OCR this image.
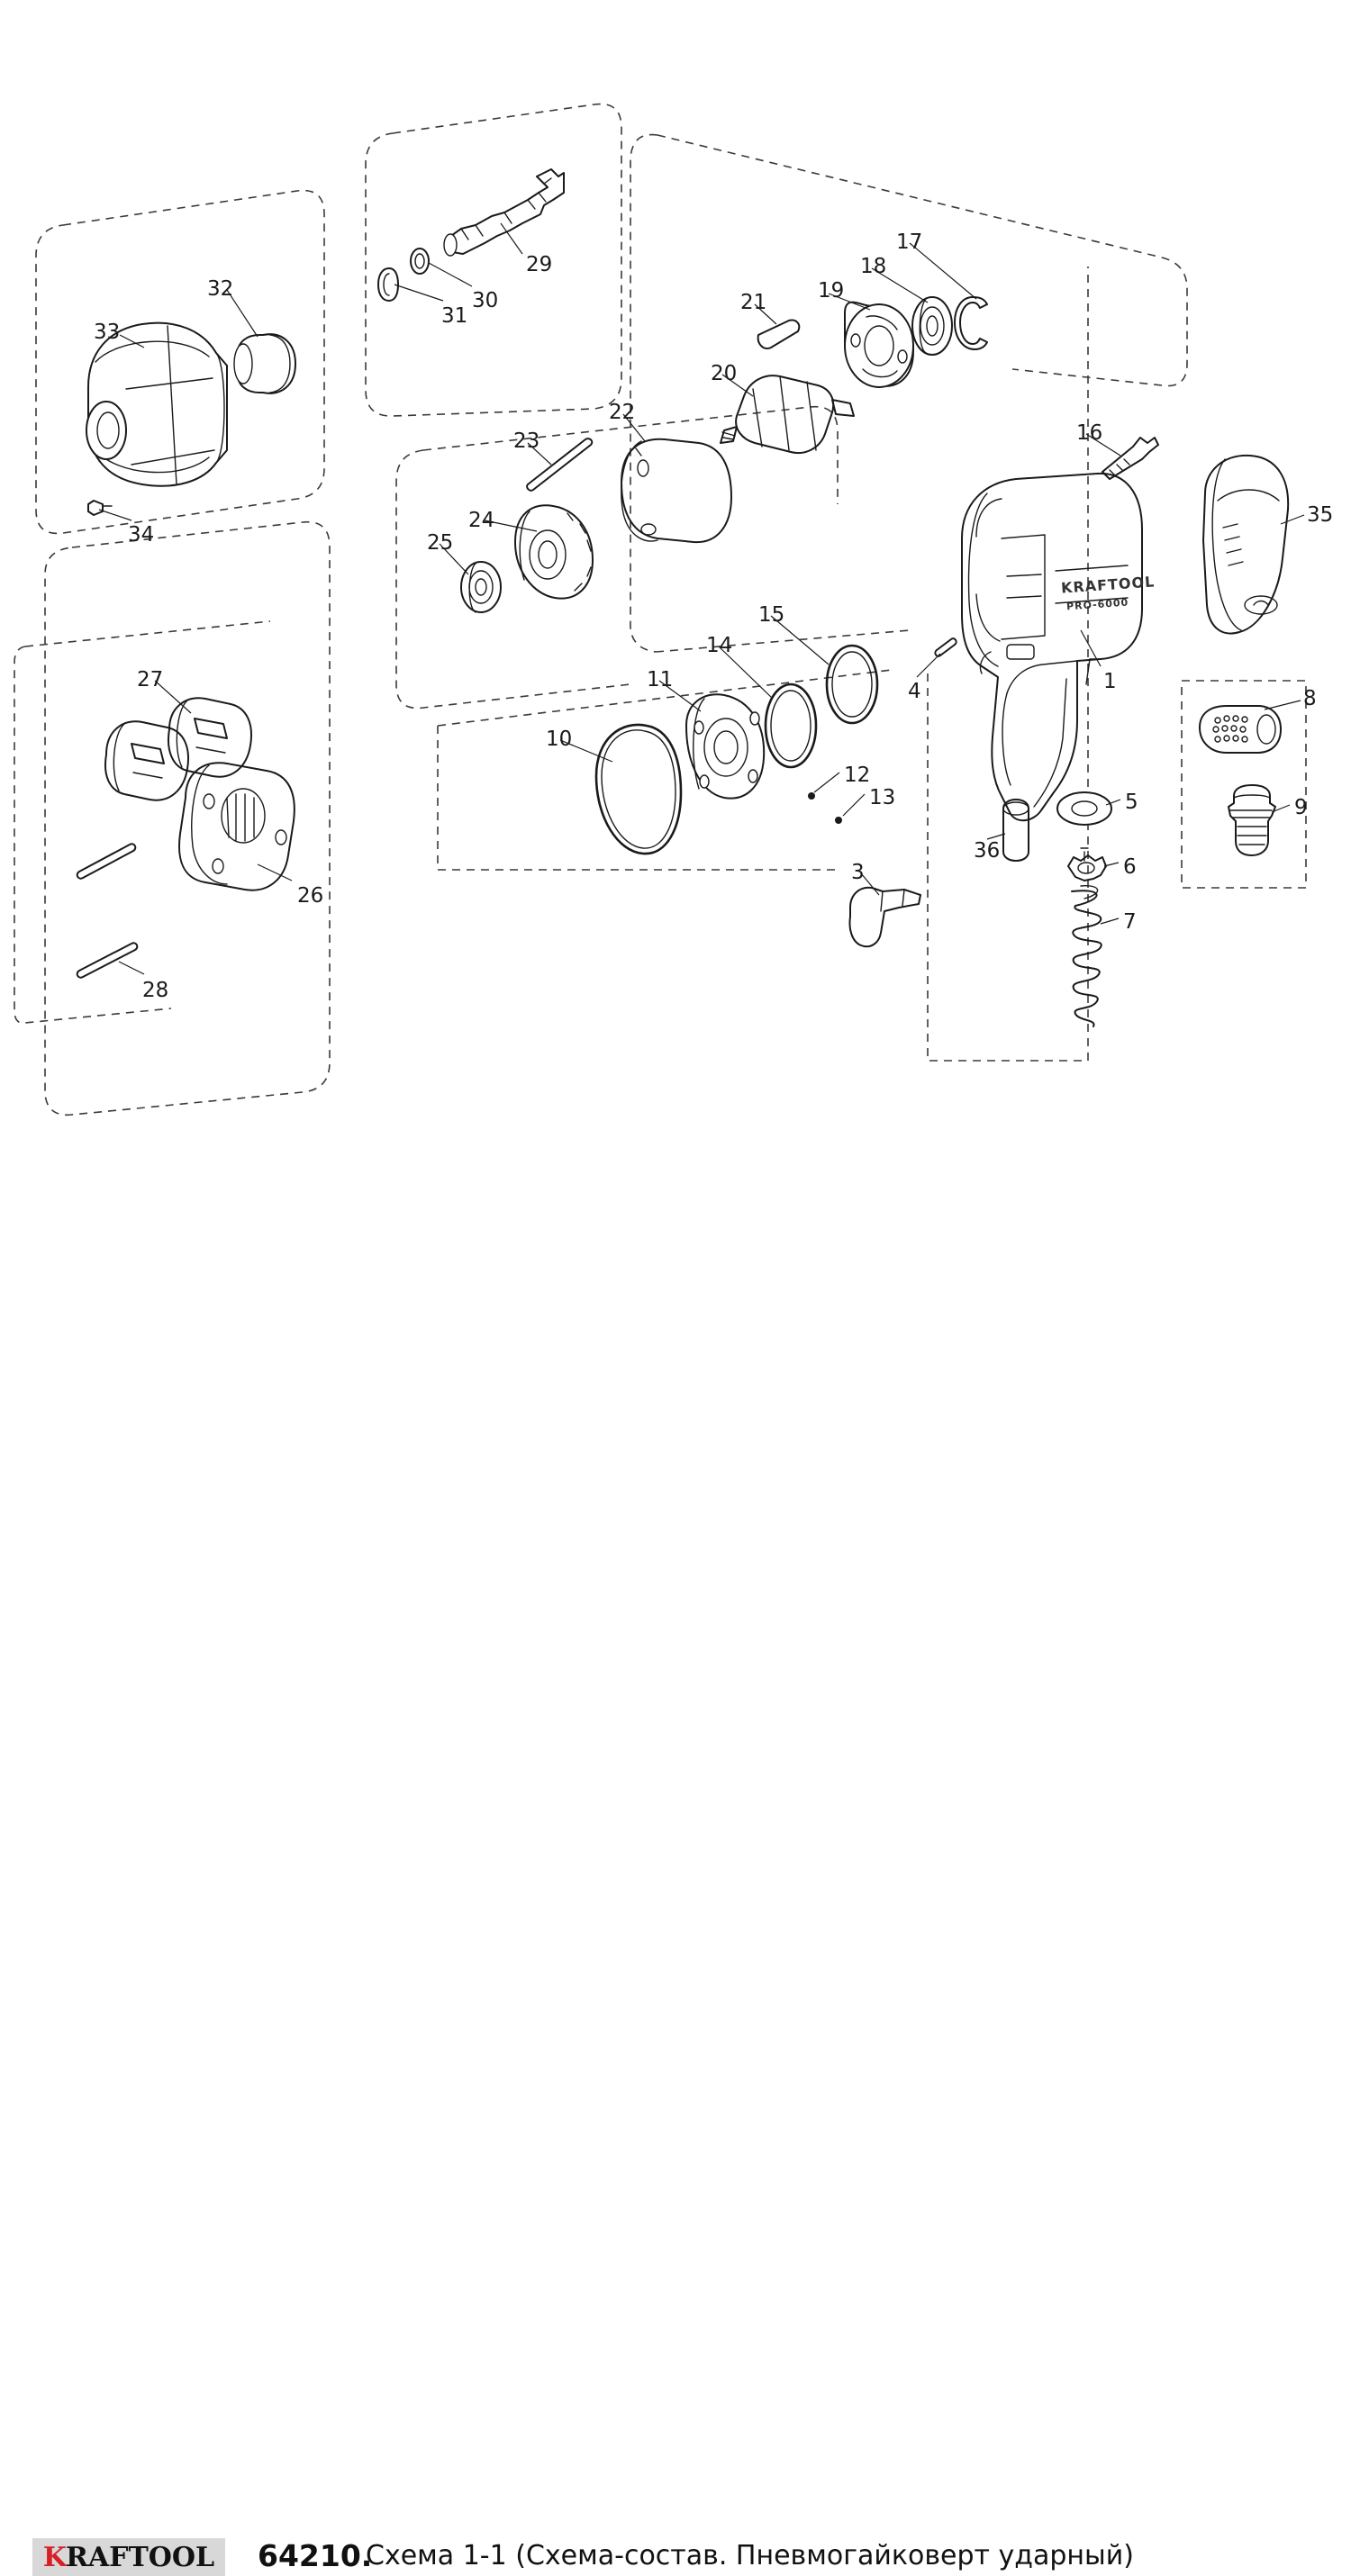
KRAFTOOL
PRO-6000
33
32
34
29
30
31
17
18
19
21
20
22
23
24
25
16
35
1
15
14
4
11
10
12
13
8
9
5
36
6
7
3
27
26
28
K RAFTOOL 64210.
Схема 1-1 (Схема-состав. Пневмогайковерт ударный)
